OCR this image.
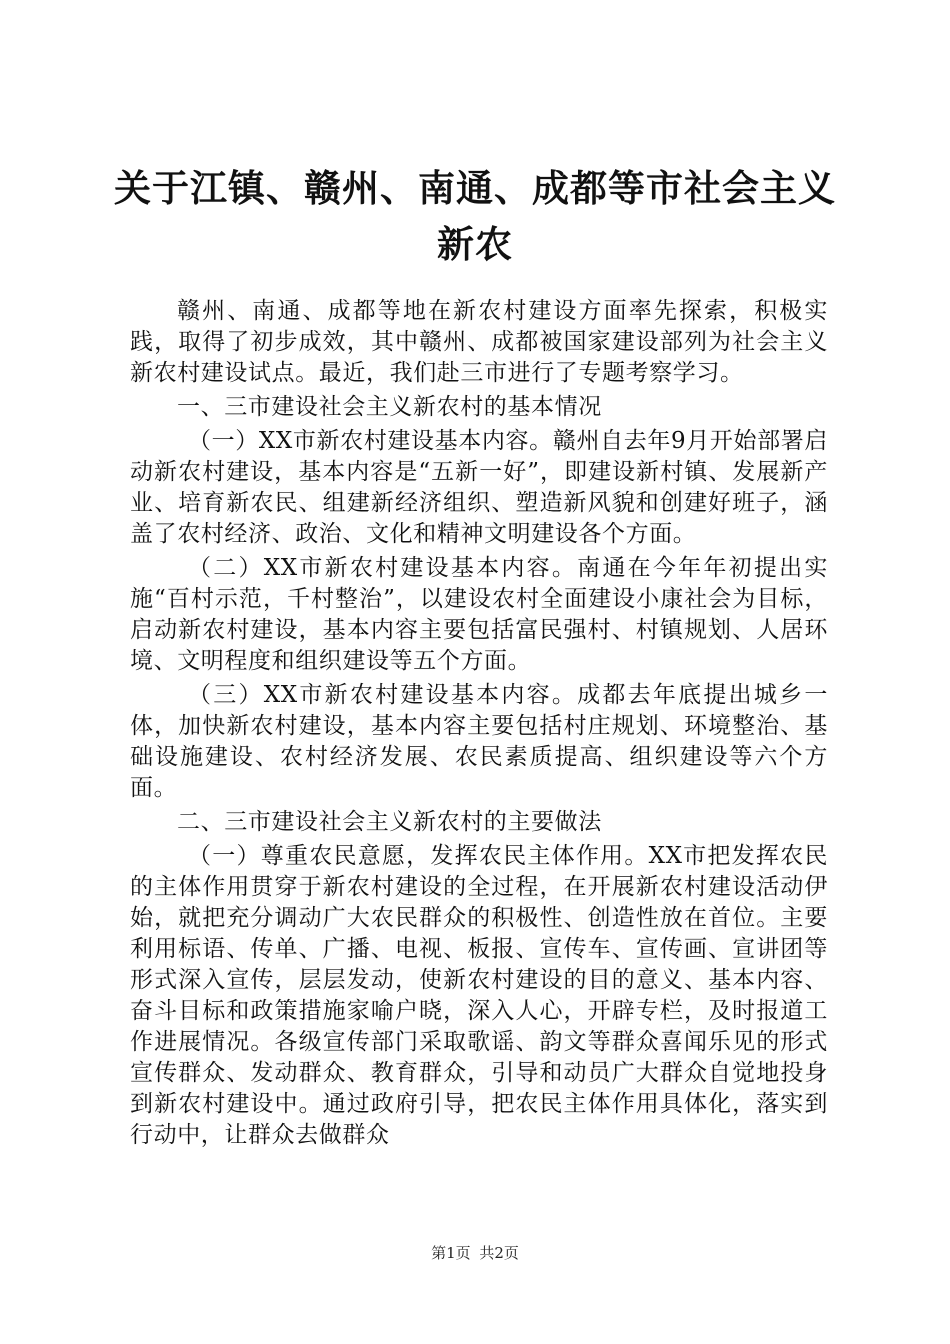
关于江镇、赣州、南通、成都等市社会主义新农

赣州、南通、成都等地在新农村建设方面率先探索，积极实践，取得了初步成效，其中赣州、成都被国家建设部列为社会主义新农村建设试点。最近，我们赴三市进行了专题考察学习。

一、三市建设社会主义新农村的基本情况

（一）XX市新农村建设基本内容。赣州自去年9月开始部署启动新农村建设，基本内容是“五新一好”，即建设新村镇、发展新产业、培育新农民、组建新经济组织、塑造新风貌和创建好班子，涵盖了农村经济、政治、文化和精神文明建设各个方面。

（二）XX市新农村建设基本内容。南通在今年年初提出实施“百村示范，千村整治”，以建设农村全面建设小康社会为目标，启动新农村建设，基本内容主要包括富民强村、村镇规划、人居环境、文明程度和组织建设等五个方面。

（三）XX市新农村建设基本内容。成都去年底提出城乡一体，加快新农村建设，基本内容主要包括村庄规划、环境整治、基础设施建设、农村经济发展、农民素质提高、组织建设等六个方面。

二、三市建设社会主义新农村的主要做法

（一）尊重农民意愿，发挥农民主体作用。XX市把发挥农民的主体作用贯穿于新农村建设的全过程，在开展新农村建设活动伊始，就把充分调动广大农民群众的积极性、创造性放在首位。主要利用标语、传单、广播、电视、板报、宣传车、宣传画、宣讲团等形式深入宣传，层层发动，使新农村建设的目的意义、基本内容、奋斗目标和政策措施家喻户晓，深入人心，开辟专栏，及时报道工作进展情况。各级宣传部门采取歌谣、韵文等群众喜闻乐见的形式宣传群众、发动群众、教育群众，引导和动员广大群众自觉地投身到新农村建设中。通过政府引导，把农民主体作用具体化，落实到行动中，让群众去做群众

第1页 共2页
